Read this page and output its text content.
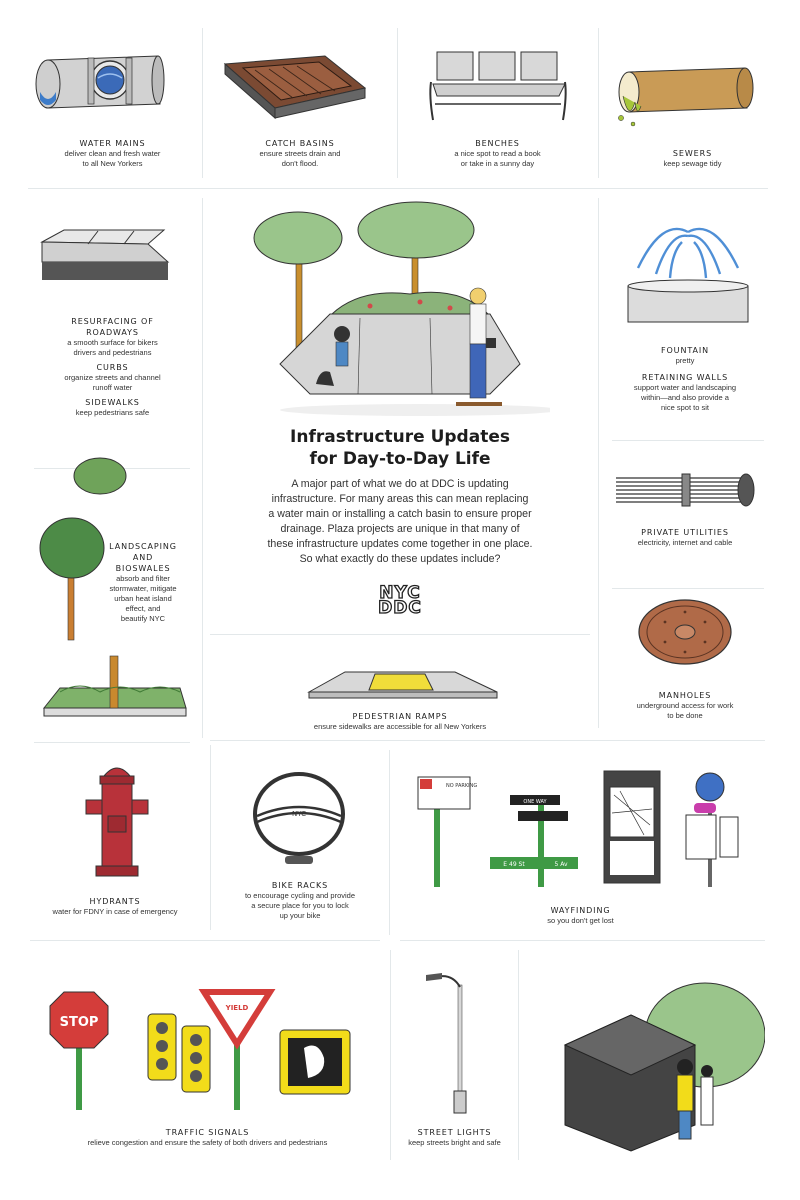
WATER MAINS
deliver clean and fresh water
to all New Yorkers
CATCH BASINS
ensure streets drain and
don't flood.
BENCHES
a nice spot to read a book
or take in a sunny day
SEWERS
keep sewage tidy
RESURFACING OF
ROADWAYS
a smooth surface for bikers
drivers and pedestrians
CURBS
organize streets and channel
runoff water
SIDEWALKS
keep pedestrians safe
LANDSCAPING
AND
BIOSWALES
absorb and filter
stormwater, mitigate
urban heat island
effect, and
beautify NYC
Infrastructure Updates
for Day-to-Day Life
A major part of what we do at DDC is updating
infrastructure. For many areas this can mean replacing
a water main or installing a catch basin to ensure proper
drainage. Plaza projects are unique in that many of
these infrastructure updates come together in one place.
So what exactly do these updates include?
NYC
DDC
PEDESTRIAN RAMPS
ensure sidewalks are accessible for all New Yorkers
FOUNTAIN
pretty
RETAINING WALLS
support water and landscaping
within—and also provide a
nice spot to sit
PRIVATE UTILITIES
electricity, internet and cable
MANHOLES
underground access for work
to be done
HYDRANTS
water for FDNY in case of emergency
NYC
BIKE RACKS
to encourage cycling and provide
a secure place for you to lock
up your bike
NO PARKING
ONE WAY
E 49 St	5 Av
WAYFINDING
so you don't get lost
STOP
YIELD
TRAFFIC SIGNALS
relieve congestion and ensure the safety of both drivers and pedestrians
STREET LIGHTS
keep streets bright and safe
